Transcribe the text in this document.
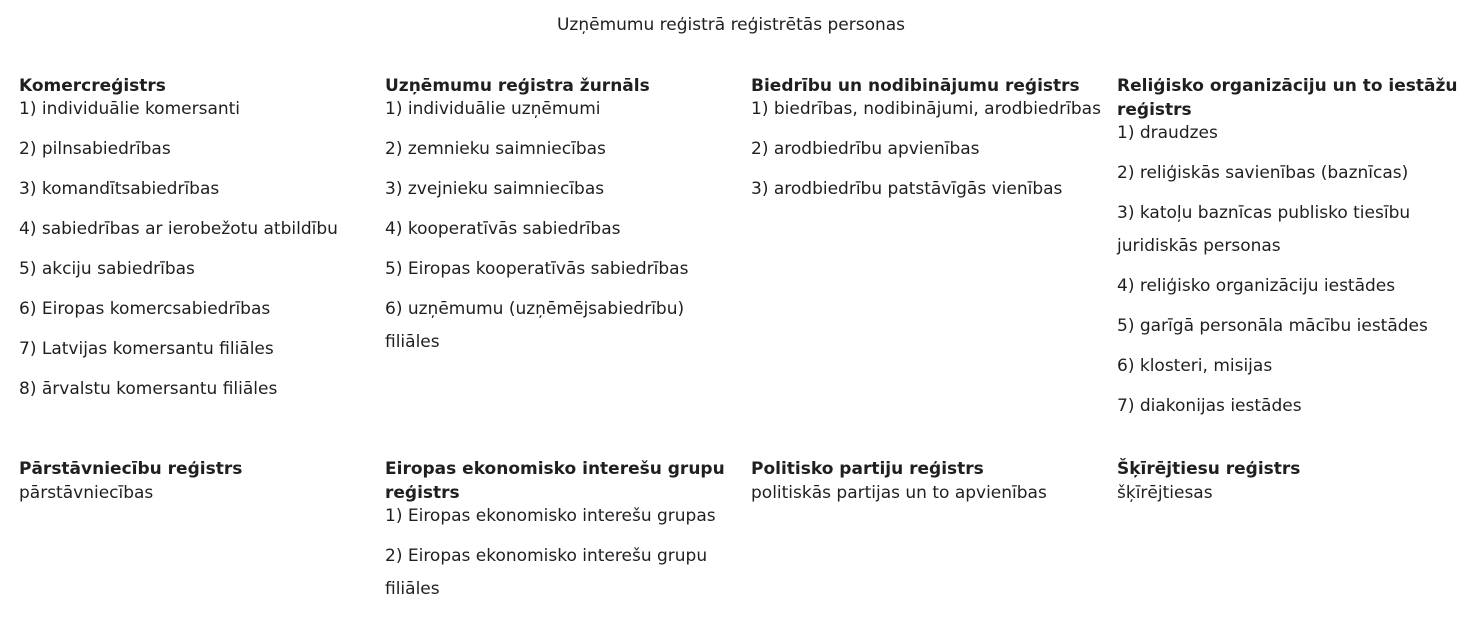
Uzņēmumu reģistrā reģistrētās personas
Komercreģistrs
1) individuālie komersanti
2) pilnsabiedrības
3) komandītsabiedrības
4) sabiedrības ar ierobežotu atbildību
5) akciju sabiedrības
6) Eiropas komercsabiedrības
7) Latvijas komersantu filiāles
8) ārvalstu komersantu filiāles
Uzņēmumu reģistra žurnāls
1) individuālie uzņēmumi
2) zemnieku saimniecības
3) zvejnieku saimniecības
4) kooperatīvās sabiedrības
5) Eiropas kooperatīvās sabiedrības
6) uzņēmumu (uzņēmējsabiedrību) filiāles
Biedrību un nodibinājumu reģistrs
1) biedrības, nodibinājumi, arodbiedrības
2) arodbiedrību apvienības
3) arodbiedrību patstāvīgās vienības
Reliģisko organizāciju un to iestāžu reģistrs
1) draudzes
2) reliģiskās savienības (baznīcas)
3) katoļu baznīcas publisko tiesību juridiskās personas
4) reliģisko organizāciju iestādes
5) garīgā personāla mācību iestādes
6) klosteri, misijas
7) diakonijas iestādes
Pārstāvniecību reģistrs

pārstāvniecības

Eiropas ekonomisko interešu grupu reģistrs
1) Eiropas ekonomisko interešu grupas
2) Eiropas ekonomisko interešu grupu filiāles
Politisko partiju reģistrs

politiskās partijas un to apvienības

Šķīrējtiesu reģistrs

šķīrējtiesas
